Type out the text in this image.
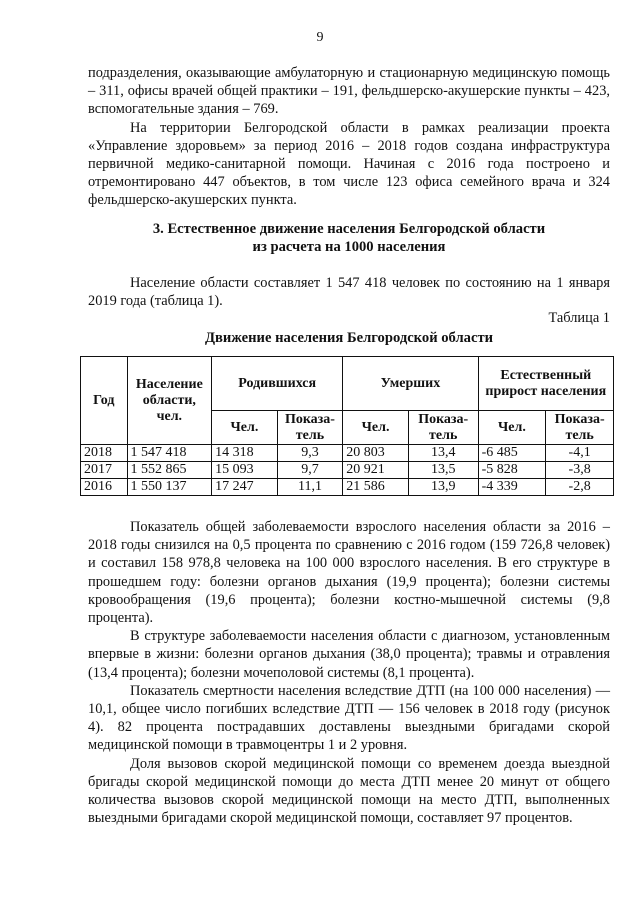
9

подразделения, оказывающие амбулаторную и стационарную медицинскую помощь – 311, офисы врачей общей практики – 191, фельдшерско-акушерские пункты – 423, вспомогательные здания – 769.

На территории Белгородской области в рамках реализации проекта «Управление здоровьем» за период 2016 – 2018 годов создана инфраструктура первичной медико-санитарной помощи. Начиная с 2016 года построено и отремонтировано 447 объектов, в том числе 123 офиса семейного врача и 324 фельдшерско-акушерских пункта.

3. Естественное движение населения Белгородской области
из расчета на 1000 населения

Население области составляет 1 547 418 человек по состоянию на 1 января 2019 года (таблица 1).

Таблица 1
Движение населения Белгородской области
Год	Население области, чел.	Родившихся		Умерших		Естественный прирост населения	
		Чел.	Показа-тель	Чел.	Показа-тель	Чел.	Показа-тель
2018	1 547 418	14 318	9,3	20 803	13,4	-6 485	-4,1
2017	1 552 865	15 093	9,7	20 921	13,5	-5 828	-3,8
2016	1 550 137	17 247	11,1	21 586	13,9	-4 339	-2,8

Показатель общей заболеваемости взрослого населения области за 2016 – 2018 годы снизился на 0,5 процента по сравнению с 2016 годом (159 726,8 человек) и составил 158 978,8 человека на 100 000 взрослого населения. В его структуре в прошедшем году: болезни органов дыхания (19,9 процента); болезни системы кровообращения (19,6 процента); болезни костно-мышечной системы (9,8 процента).

В структуре заболеваемости населения области с диагнозом, установленным впервые в жизни: болезни органов дыхания (38,0 процента); травмы и отравления (13,4 процента); болезни мочеполовой системы (8,1 процента).

Показатель смертности населения вследствие ДТП (на 100 000 населения) — 10,1, общее число погибших вследствие ДТП — 156 человек в 2018 году (рисунок 4). 82 процента пострадавших доставлены выездными бригадами скорой медицинской помощи в травмоцентры 1 и 2 уровня.

Доля вызовов скорой медицинской помощи со временем доезда выездной бригады скорой медицинской помощи до места ДТП менее 20 минут от общего количества вызовов скорой медицинской помощи на место ДТП, выполненных выездными бригадами скорой медицинской помощи, составляет 97 процентов.
